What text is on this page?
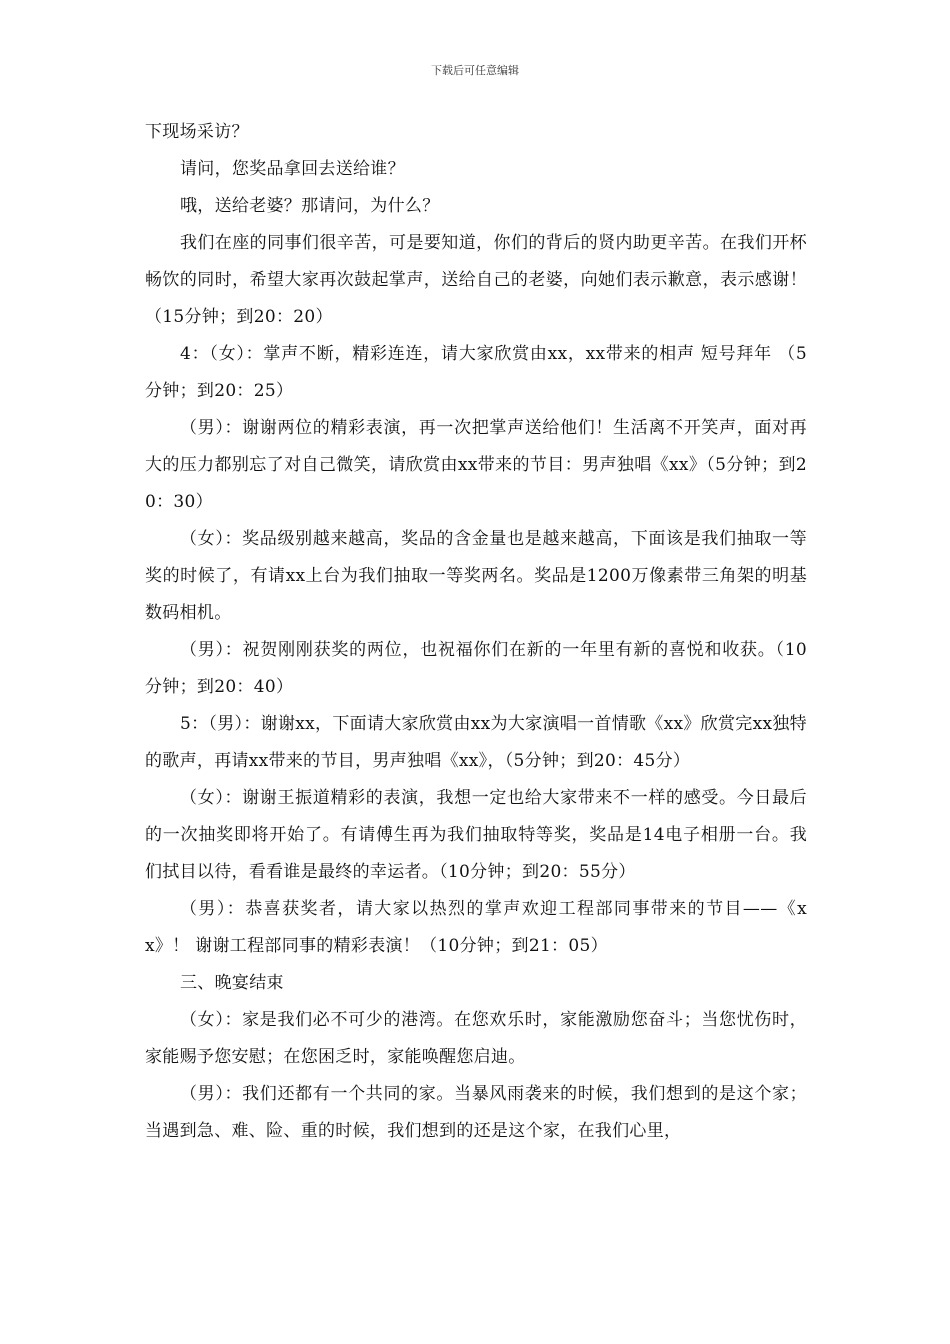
下载后可任意编辑

下现场采访？

请问，您奖品拿回去送给谁？

哦，送给老婆？那请问，为什么？

我们在座的同事们很辛苦，可是要知道，你们的背后的贤内助更辛苦。在我们开杯畅饮的同时，希望大家再次鼓起掌声，送给自己的老婆，向她们表示歉意，表示感谢！（15分钟；到20：20）

4：（女）：掌声不断，精彩连连，请大家欣赏由xx，xx带来的相声 短号拜年 （5分钟；到20：25）

（男）：谢谢两位的精彩表演，再一次把掌声送给他们！生活离不开笑声，面对再大的压力都别忘了对自己微笑，请欣赏由xx带来的节目：男声独唱《xx》（5分钟；到20：30）

（女）：奖品级别越来越高，奖品的含金量也是越来越高，下面该是我们抽取一等奖的时候了，有请xx上台为我们抽取一等奖两名。奖品是1200万像素带三角架的明基数码相机。

（男）：祝贺刚刚获奖的两位，也祝福你们在新的一年里有新的喜悦和收获。（10分钟；到20：40）

5：（男）：谢谢xx，下面请大家欣赏由xx为大家演唱一首情歌《xx》欣赏完xx独特的歌声，再请xx带来的节目，男声独唱《xx》，（5分钟；到20：45分）

（女）：谢谢王振道精彩的表演，我想一定也给大家带来不一样的感受。今日最后的一次抽奖即将开始了。有请傅生再为我们抽取特等奖，奖品是14电子相册一台。我们拭目以待，看看谁是最终的幸运者。（10分钟；到20：55分）

（男）：恭喜获奖者，请大家以热烈的掌声欢迎工程部同事带来的节目——《xx》！ 谢谢工程部同事的精彩表演！（10分钟；到21：05）

三、晚宴结束

（女）：家是我们必不可少的港湾。在您欢乐时，家能激励您奋斗；当您忧伤时，家能赐予您安慰；在您困乏时，家能唤醒您启迪。

（男）：我们还都有一个共同的家。当暴风雨袭来的时候，我们想到的是这个家；当遇到急、难、险、重的时候，我们想到的还是这个家，在我们心里，
